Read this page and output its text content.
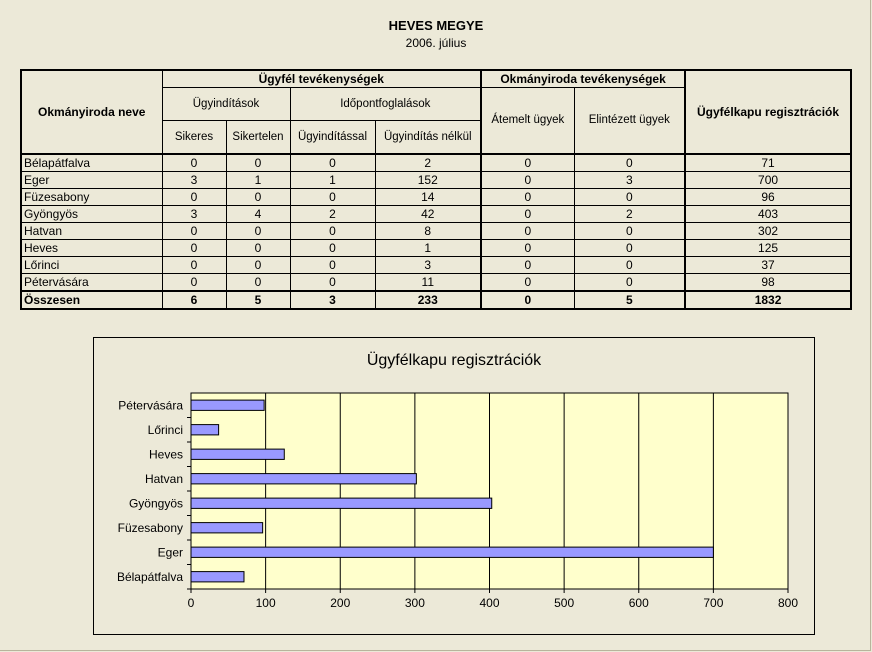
HEVES MEGYE
2006. július
Okmányiroda neve	Ügyfél tevékenységek				Okmányiroda tevékenységek		Ügyfélkapu regisztrációk
	Ügyindítások		Időpontfoglalások		Átemelt ügyek	Elintézett ügyek	
	Sikeres	Sikertelen	Ügyindítással	Ügyindítás nélkül			
Bélapátfalva	0	0	0	2	0	0	71
Eger	3	1	1	152	0	3	700
Füzesabony	0	0	0	14	0	0	96
Gyöngyös	3	4	2	42	0	2	403
Hatvan	0	0	0	8	0	0	302
Heves	0	0	0	1	0	0	125
Lőrinci	0	0	0	3	0	0	37
Pétervására	0	0	0	11	0	0	98
Összesen	6	5	3	233	0	5	1832
Ügyfélkapu regisztrációk
0	100	200	300	400	500	600	700	800
Bélapátfalva
Eger
Füzesabony
Gyöngyös
Hatvan
Heves
Lőrinci
Pétervására
